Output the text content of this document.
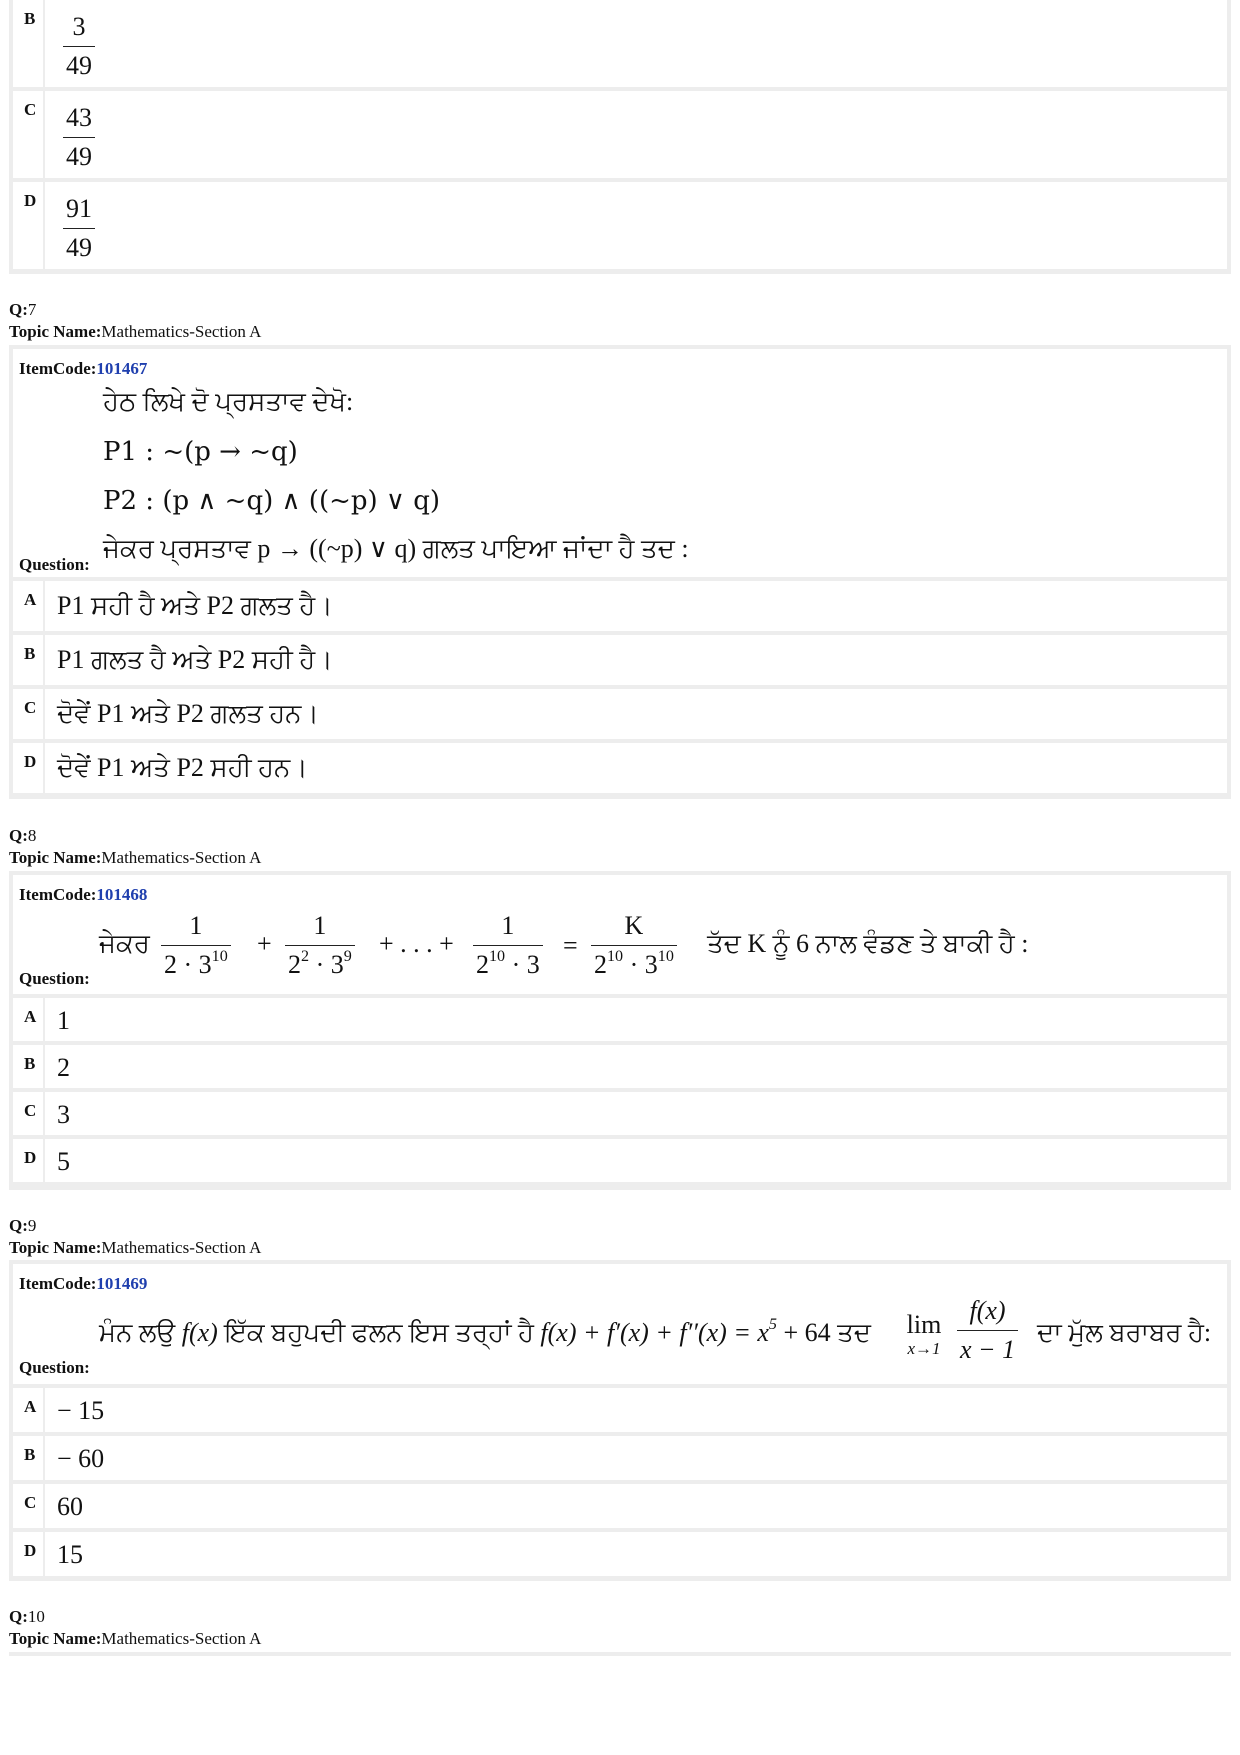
B $\frac{3}{49}$
C $\frac{43}{49}$
D $\frac{91}{49}$
Q:7
Topic Name:Mathematics-Section A
ItemCode:101467
ਹੇਠ ਲਿਖੇ ਦੋ ਪ੍ਰਸਤਾਵ ਦੇਖੋ:
P1 : ~(p → ~q)
P2 : (p ∧ ~q) ∧ ((~p) ∨ q)
ਜੇਕਰ ਪ੍ਰਸਤਾਵ p → ((~p) ∨ q) ਗਲਤ ਪਾਇਆ ਜਾਂਦਾ ਹੈ ਤਦ :
Question:
A P1 ਸਹੀ ਹੈ ਅਤੇ P2 ਗਲਤ ਹੈ।
B P1 ਗਲਤ ਹੈ ਅਤੇ P2 ਸਹੀ ਹੈ।
C ਦੋਵੇਂ P1 ਅਤੇ P2 ਗਲਤ ਹਨ।
D ਦੋਵੇਂ P1 ਅਤੇ P2 ਸਹੀ ਹਨ।
Q:8
Topic Name:Mathematics-Section A
ItemCode:101468
ਜੇਕਰ $\frac{1}{2 \cdot 3^{10}} + \frac{1}{2^2 \cdot 3^9}$ + . . . + $\frac{1}{2^{10} \cdot 3} = \frac{K}{2^{10} \cdot 3^{10}}$ ਤੱਦ K ਨੂੰ 6 ਨਾਲ ਵੰਡਣ ਤੇ ਬਾਕੀ ਹੈ :
Question:
A 1
B 2
C 3
D 5
Q:9
Topic Name:Mathematics-Section A
ItemCode:101469
ਮੰਨ ਲਉ f(x) ਇੱਕ ਬਹੁਪਦੀ ਫਲਨ ਇਸ ਤਰ੍ਹਾਂ ਹੈ $f(x) + f'(x) + f''(x) = x^5 + 64$ ਤਦ lim
$x\to 1 \frac{f(x)}{x - 1}$ ਦਾ ਮੁੱਲ ਬਰਾਬਰ ਹੈ:
Question:
A − 15
B − 60
C 60
D 15
Q:10
Topic Name:Mathematics-Section A
